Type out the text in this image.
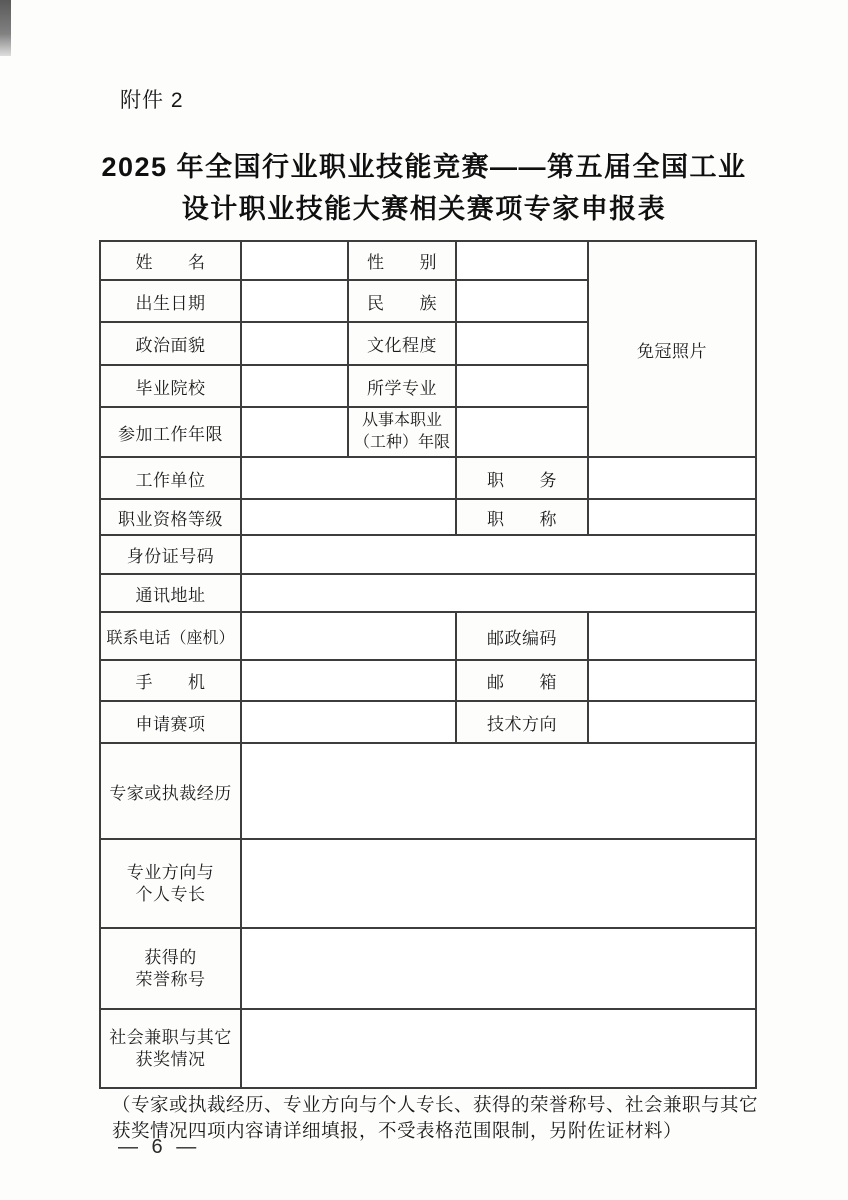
附件 2
2025 年全国行业职业技能竞赛——第五届全国工业
设计职业技能大赛相关赛项专家申报表
姓　　名		性　　别		免冠照片
出生日期		民　　族		
政治面貌		文化程度		
毕业院校		所学专业		
参加工作年限		从事本职业
（工种）年限		

工作单位			职　　务	
职业资格等级			职　　称	
身份证号码				
通讯地址				
联系电话（座机）			邮政编码	
手　　机			邮　　箱	
申请赛项			技术方向	
专家或执裁经历				

专业方向与
个人专长				

获得的
荣誉称号				

社会兼职与其它
获奖情况				

（专家或执裁经历、专业方向与个人专长、获得的荣誉称号、社会兼职与其它
获奖情况四项内容请详细填报，不受表格范围限制，另附佐证材料）
— 6 —
